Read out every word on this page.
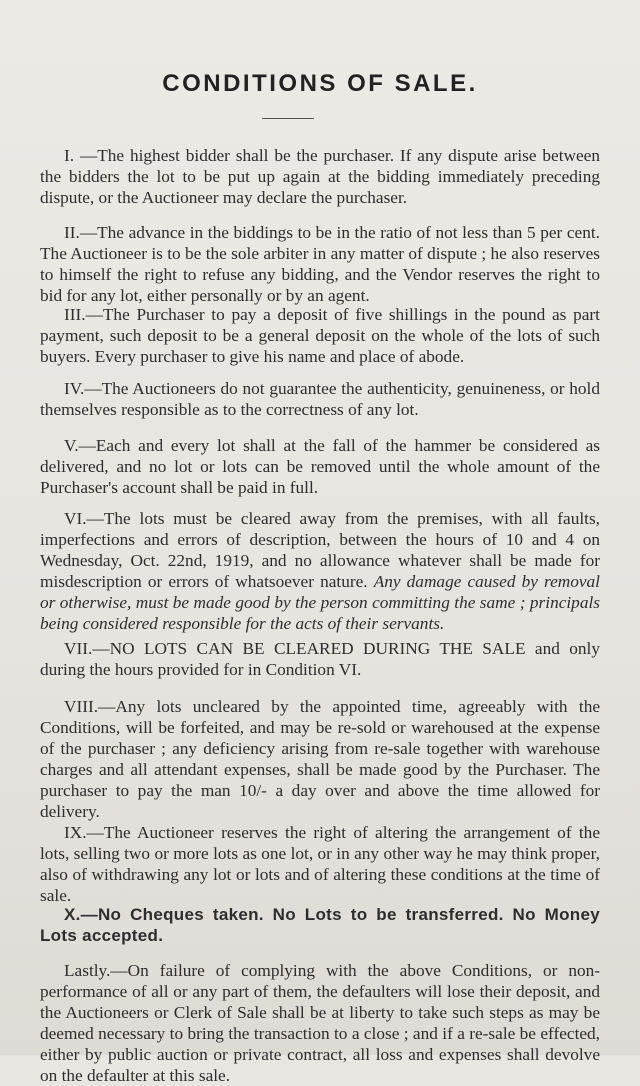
CONDITIONS OF SALE.
I. —The highest bidder shall be the purchaser. If any dispute arise between the bidders the lot to be put up again at the bidding immediately preceding dispute, or the Auctioneer may declare the purchaser.
II.—The advance in the biddings to be in the ratio of not less than 5 per cent. The Auctioneer is to be the sole arbiter in any matter of dispute ; he also reserves to himself the right to refuse any bidding, and the Vendor reserves the right to bid for any lot, either personally or by an agent.
III.—The Purchaser to pay a deposit of five shillings in the pound as part payment, such deposit to be a general deposit on the whole of the lots of such buyers. Every purchaser to give his name and place of abode.
IV.—The Auctioneers do not guarantee the authenticity, genuineness, or hold themselves responsible as to the correctness of any lot.
V.—Each and every lot shall at the fall of the hammer be considered as delivered, and no lot or lots can be removed until the whole amount of the Purchaser's account shall be paid in full.
VI.—The lots must be cleared away from the premises, with all faults, imperfections and errors of description, between the hours of 10 and 4 on Wednesday, Oct. 22nd, 1919, and no allowance whatever shall be made for misdescription or errors of whatsoever nature. Any damage caused by removal or otherwise, must be made good by the person committing the same ; principals being considered responsible for the acts of their servants.
VII.—NO LOTS CAN BE CLEARED DURING THE SALE and only during the hours provided for in Condition VI.
VIII.—Any lots uncleared by the appointed time, agreeably with the Conditions, will be forfeited, and may be re-sold or warehoused at the expense of the purchaser ; any deficiency arising from re-sale together with warehouse charges and all attendant expenses, shall be made good by the Purchaser. The purchaser to pay the man 10/- a day over and above the time allowed for delivery.
IX.—The Auctioneer reserves the right of altering the arrangement of the lots, selling two or more lots as one lot, or in any other way he may think proper, also of withdrawing any lot or lots and of altering these conditions at the time of sale.
X.—No Cheques taken. No Lots to be transferred. No Money Lots accepted.
Lastly.—On failure of complying with the above Conditions, or non-performance of all or any part of them, the defaulters will lose their deposit, and the Auctioneers or Clerk of Sale shall be at liberty to take such steps as may be deemed necessary to bring the transaction to a close ; and if a re-sale be effected, either by public auction or private contract, all loss and expenses shall devolve on the defaulter at this sale.
